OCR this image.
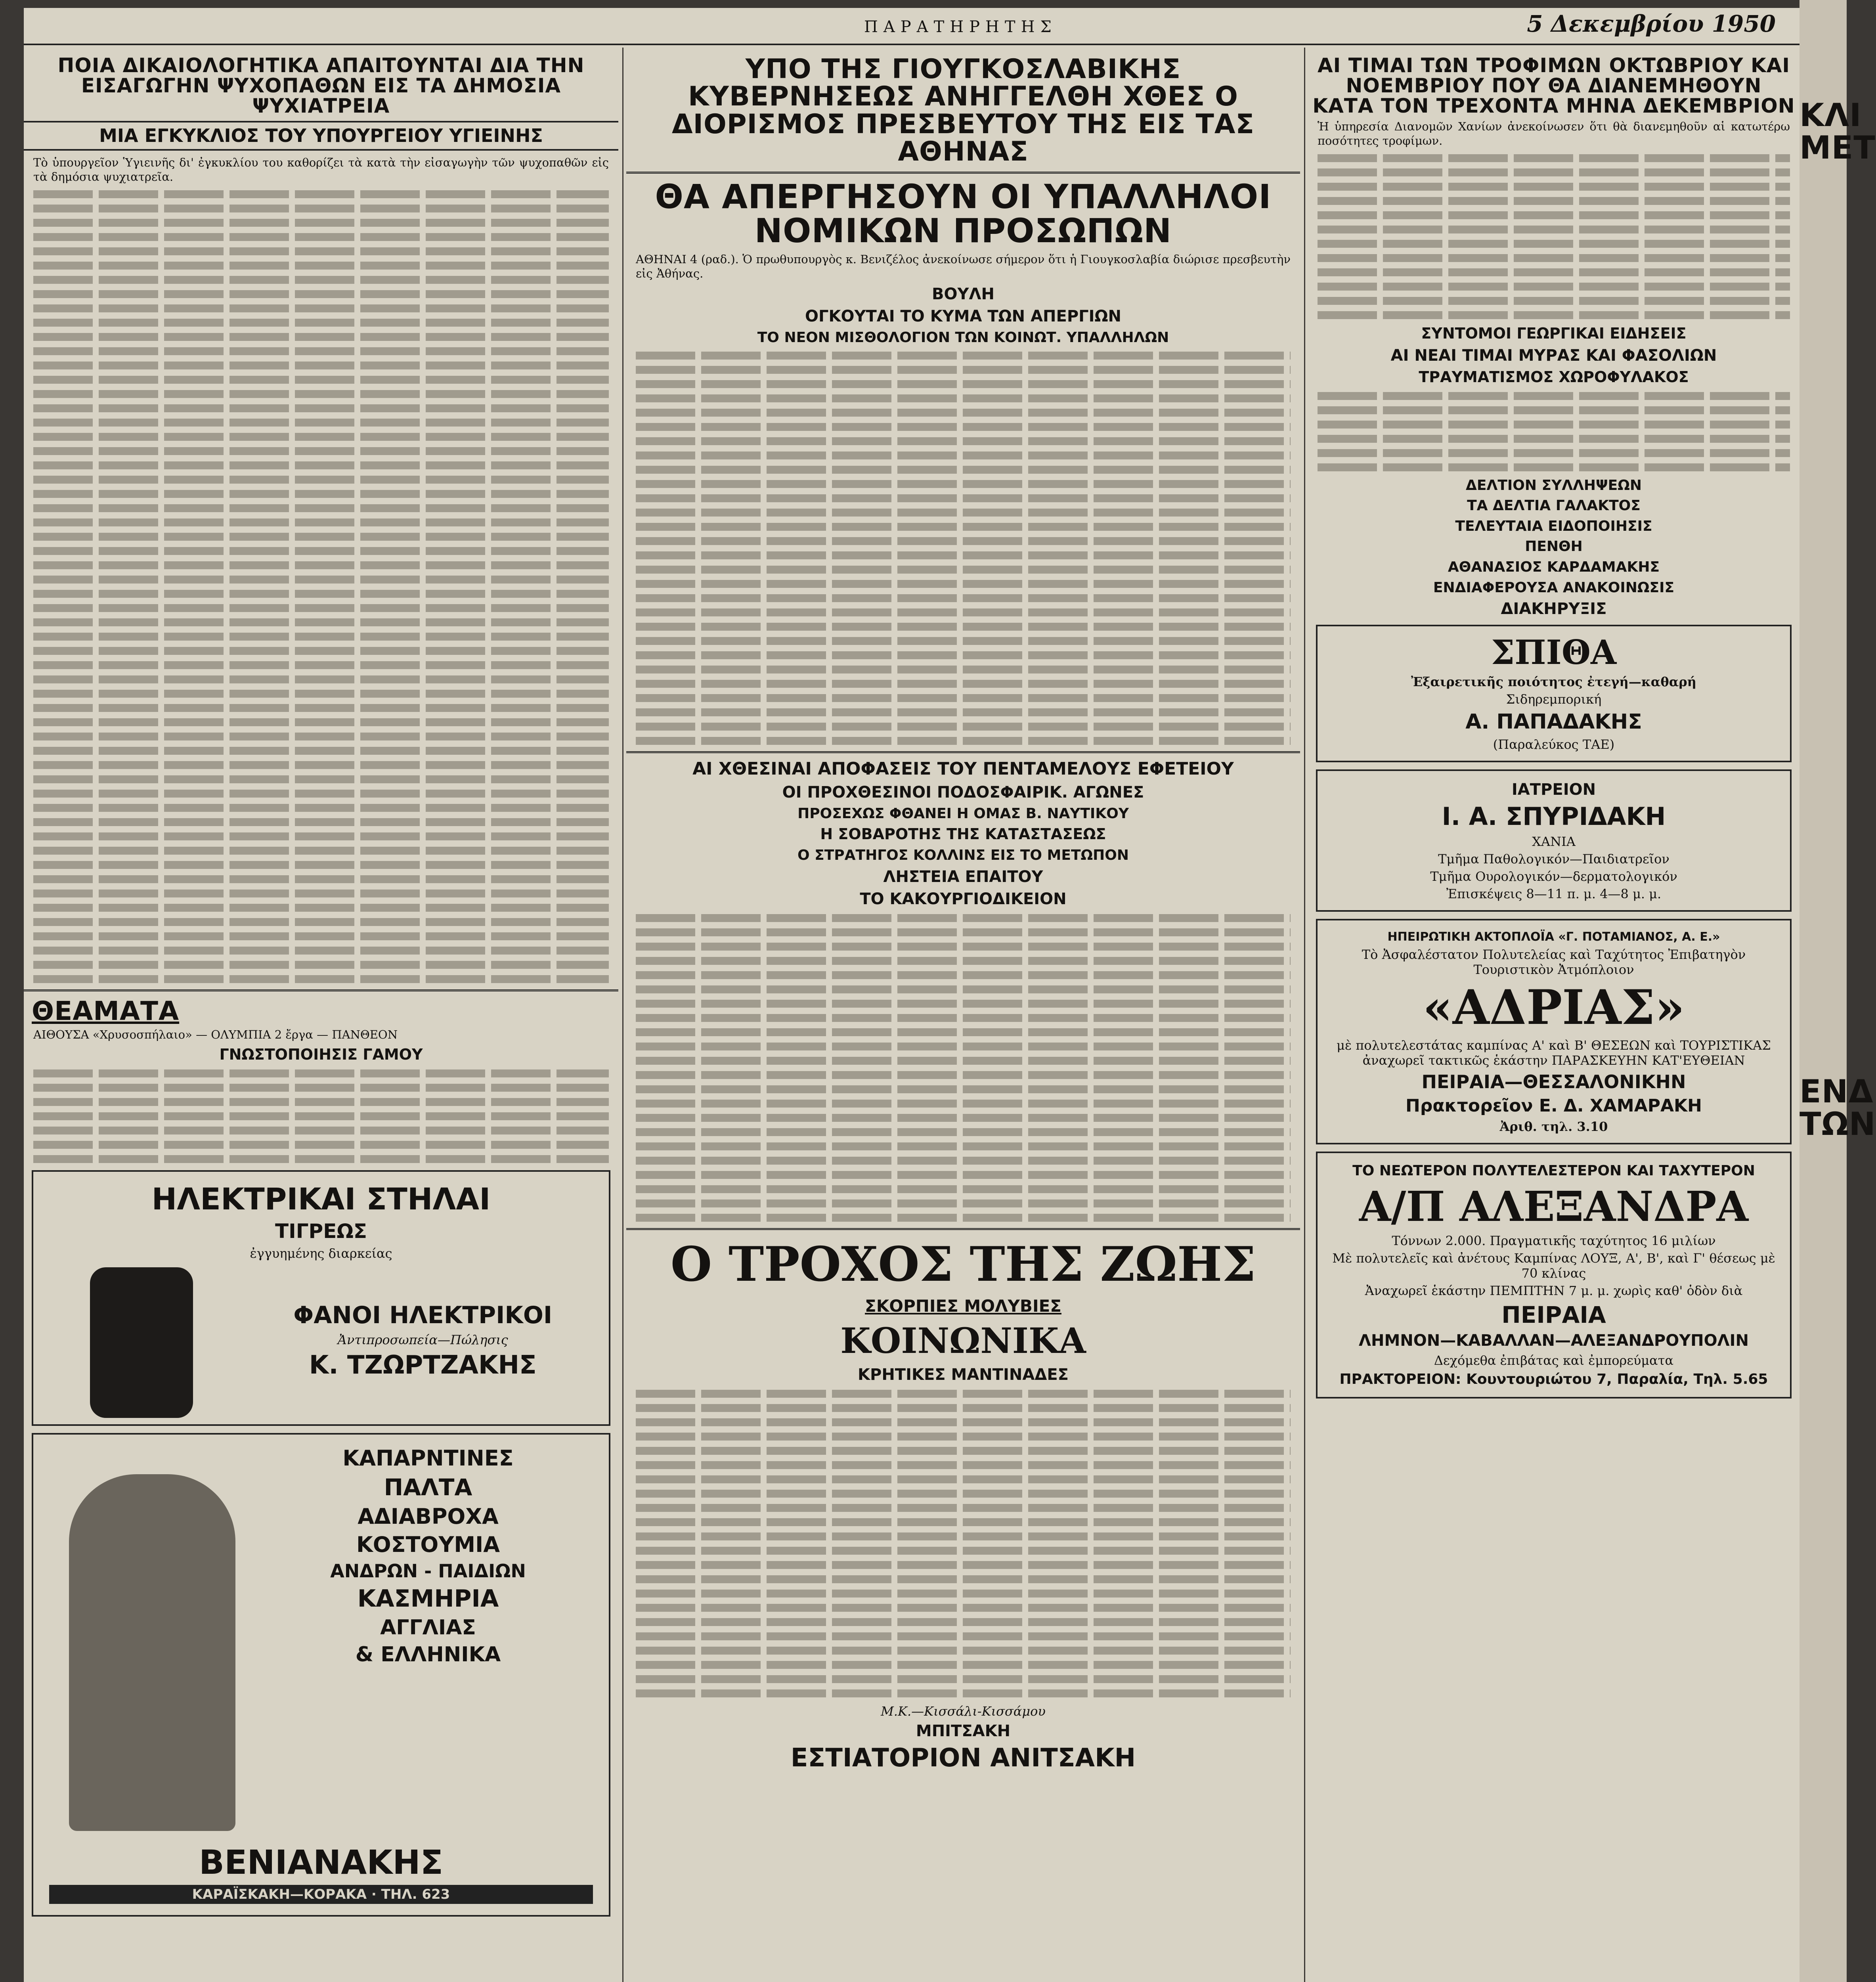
ΠΑΡΑΤΗΡΗΤΗΣ	5 Δεκεμβρίου 1950
ΠΟΙΑ ΔΙΚΑΙΟΛΟΓΗΤΙΚΑ ΑΠΑΙΤΟΥΝΤΑΙ ΔΙΑ ΤΗΝ ΕΙΣΑΓΩΓΗΝ ΨΥΧΟΠΑΘΩΝ ΕΙΣ ΤΑ ΔΗΜΟΣΙΑ ΨΥΧΙΑΤΡΕΙΑ
ΜΙΑ ΕΓΚΥΚΛΙΟΣ ΤΟΥ ΥΠΟΥΡΓΕΙΟΥ ΥΓΙΕΙΝΗΣ

Τὸ ὑπουργεῖον Ὑγιεινῆς δι' ἐγκυκλίου του καθορίζει τὰ κατὰ τὴν εἰσαγωγὴν τῶν ψυχοπαθῶν εἰς τὰ δημόσια ψυχιατρεῖα.

ΘΕΑΜΑΤΑ

ΑΙΘΟΥΣΑ «Χρυσοσπήλαιο» — ΟΛΥΜΠΙΑ 2 ἔργα — ΠΑΝΘΕΟΝ

ΓΝΩΣΤΟΠΟΙΗΣΙΣ ΓΑΜΟΥ
ΗΛΕΚΤΡΙΚΑΙ ΣΤΗΛΑΙ
ΤΙΓΡΕΩΣ
ἐγγυημένης διαρκείας
ΦΑΝΟΙ ΗΛΕΚΤΡΙΚΟΙ
Ἀντιπροσωπεία—Πώλησις
Κ. ΤΖΩΡΤΖΑΚΗΣ
ΚΑΠΑΡΝΤΙΝΕΣ
ΠΑΛΤΑ
ΑΔΙΑΒΡΟΧΑ
ΚΟΣΤΟΥΜΙΑ
ΑΝΔΡΩΝ - ΠΑΙΔΙΩΝ
ΚΑΣΜΗΡΙΑ
ΑΓΓΛΙΑΣ
& ΕΛΛΗΝΙΚΑ
ΒΕΝΙΑΝΑΚΗΣ
ΚΑΡΑΪΣΚΑΚΗ—ΚΟΡΑΚΑ · ΤΗΛ. 623
ΥΠΟ ΤΗΣ ΓΙΟΥΓΚΟΣΛΑΒΙΚΗΣ ΚΥΒΕΡΝΗΣΕΩΣ ΑΝΗΓΓΕΛΘΗ ΧΘΕΣ Ο ΔΙΟΡΙΣΜΟΣ ΠΡΕΣΒΕΥΤΟΥ ΤΗΣ ΕΙΣ ΤΑΣ ΑΘΗΝΑΣ
ΘΑ ΑΠΕΡΓΗΣΟΥΝ ΟΙ ΥΠΑΛΛΗΛΟΙ ΝΟΜΙΚΩΝ ΠΡΟΣΩΠΩΝ

ΑΘΗΝΑΙ 4 (ραδ.). Ὁ πρωθυπουργὸς κ. Βενιζέλος ἀνεκοίνωσε σήμερον ὅτι ἡ Γιουγκοσλαβία διώρισε πρεσβευτὴν εἰς Ἀθήνας.

ΒΟΥΛΗ
ΟΓΚΟΥΤΑΙ ΤΟ ΚΥΜΑ ΤΩΝ ΑΠΕΡΓΙΩΝ
ΤΟ ΝΕΟΝ ΜΙΣΘΟΛΟΓΙΟΝ ΤΩΝ ΚΟΙΝΩΤ. ΥΠΑΛΛΗΛΩΝ
ΑΙ ΧΘΕΣΙΝΑΙ ΑΠΟΦΑΣΕΙΣ ΤΟΥ ΠΕΝΤΑΜΕΛΟΥΣ ΕΦΕΤΕΙΟΥ
ΟΙ ΠΡΟΧΘΕΣΙΝΟΙ ΠΟΔΟΣΦΑΙΡΙΚ. ΑΓΩΝΕΣ
ΠΡΟΣΕΧΩΣ ΦΘΑΝΕΙ Η ΟΜΑΣ Β. ΝΑΥΤΙΚΟΥ
Η ΣΟΒΑΡΟΤΗΣ ΤΗΣ ΚΑΤΑΣΤΑΣΕΩΣ
Ο ΣΤΡΑΤΗΓΟΣ ΚΟΛΛΙΝΣ ΕΙΣ ΤΟ ΜΕΤΩΠΟΝ
ΛΗΣΤΕΙΑ ΕΠΑΙΤΟΥ
ΤΟ ΚΑΚΟΥΡΓΙΟΔΙΚΕΙΟΝ
Ο ΤΡΟΧΟΣ ΤΗΣ ΖΩΗΣ
ΣΚΟΡΠΙΕΣ ΜΟΛΥΒΙΕΣ
ΚΟΙΝΩΝΙΚΑ
ΚΡΗΤΙΚΕΣ ΜΑΝΤΙΝΑΔΕΣ
Μ.Κ.—Κισσάλι-Κισσάμου
ΜΠΙΤΣΑΚΗ
ΕΣΤΙΑΤΟΡΙΟΝ ΑΝΙΤΣΑΚΗ
ΑΙ ΤΙΜΑΙ ΤΩΝ ΤΡΟΦΙΜΩΝ ΟΚΤΩΒΡΙΟΥ ΚΑΙ ΝΟΕΜΒΡΙΟΥ ΠΟΥ ΘΑ ΔΙΑΝΕΜΗΘΟΥΝ ΚΑΤΑ ΤΟΝ ΤΡΕΧΟΝΤΑ ΜΗΝΑ ΔΕΚΕΜΒΡΙΟΝ

Ἡ ὑπηρεσία Διανομῶν Χανίων ἀνεκοίνωσεν ὅτι θὰ διανεμηθοῦν αἱ κατωτέρω ποσότητες τροφίμων.

ΣΥΝΤΟΜΟΙ ΓΕΩΡΓΙΚΑΙ ΕΙΔΗΣΕΙΣ
ΑΙ ΝΕΑΙ ΤΙΜΑΙ ΜΥΡΑΣ ΚΑΙ ΦΑΣΟΛΙΩΝ
ΤΡΑΥΜΑΤΙΣΜΟΣ ΧΩΡΟΦΥΛΑΚΟΣ
ΔΕΛΤΙΟΝ ΣΥΛΛΗΨΕΩΝ
ΤΑ ΔΕΛΤΙΑ ΓΑΛΑΚΤΟΣ
ΤΕΛΕΥΤΑΙΑ ΕΙΔΟΠΟΙΗΣΙΣ
ΠΕΝΘΗ
ΑΘΑΝΑΣΙΟΣ ΚΑΡΔΑΜΑΚΗΣ
ΕΝΔΙΑΦΕΡΟΥΣΑ ΑΝΑΚΟΙΝΩΣΙΣ
ΔΙΑΚΗΡΥΞΙΣ
ΣΠΙΘΑ
Ἐξαιρετικῆς ποιότητος ἐτεγή—καθαρή
Σιδηρεμπορική
Α. ΠΑΠΑΔΑΚΗΣ
(Παραλεύκος ΤΑΕ)
ΙΑΤΡΕΙΟΝ
Ι. Α. ΣΠΥΡΙΔΑΚΗ
ΧΑΝΙΑ
Τμῆμα Παθολογικόν—Παιδιατρεῖον
Τμῆμα Ουρολογικόν—δερματολογικόν
Ἐπισκέψεις 8—11 π. μ. 4—8 μ. μ.
ΗΠΕΙΡΩΤΙΚΗ ΑΚΤΟΠΛΟΪΑ «Γ. ΠΟΤΑΜΙΑΝΟΣ, Α. Ε.»
Τὸ Ἀσφαλέστατον Πολυτελείας καὶ Ταχύτητος Ἐπιβατηγὸν Τουριστικὸν Ἀτμόπλοιον
«ΑΔΡΙΑΣ»
μὲ πολυτελεστάτας καμπίνας Α' καὶ Β' ΘΕΣΕΩΝ καὶ ΤΟΥΡΙΣΤΙΚΑΣ ἀναχωρεῖ τακτικῶς ἑκάστην ΠΑΡΑΣΚΕΥΗΝ ΚΑΤ'ΕΥΘΕΙΑΝ
ΠΕΙΡΑΙΑ—ΘΕΣΣΑΛΟΝΙΚΗΝ
Πρακτορεῖον Ε. Δ. ΧΑΜΑΡΑΚΗ
Ἀριθ. τηλ. 3.10
ΤΟ ΝΕΩΤΕΡΟΝ ΠΟΛΥΤΕΛΕΣΤΕΡΟΝ ΚΑΙ ΤΑΧΥΤΕΡΟΝ
Α/Π ΑΛΕΞΑΝΔΡΑ
Τόννων 2.000. Πραγματικῆς ταχύτητος 16 μιλίων
Μὲ πολυτελεῖς καὶ ἀνέτους Καμπίνας ΛΟΥΞ, Α', Β', καὶ Γ' θέσεως μὲ 70 κλίνας
Ἀναχωρεῖ ἑκάστην ΠΕΜΠΤΗΝ 7 μ. μ. χωρὶς καθ' ὁδὸν διὰ
ΠΕΙΡΑΙΑ
ΛΗΜΝΟΝ—ΚΑΒΑΛΛΑΝ—ΑΛΕΞΑΝΔΡΟΥΠΟΛΙΝ
Δεχόμεθα ἐπιβάτας καὶ ἐμπορεύματα
ΠΡΑΚΤΟΡΕΙΟΝ: Κουντουριώτου 7, Παραλία, Τηλ. 5.65
ΚΛΙ
ΜΕΤ
ΕΝΔ
ΤΩΝ
